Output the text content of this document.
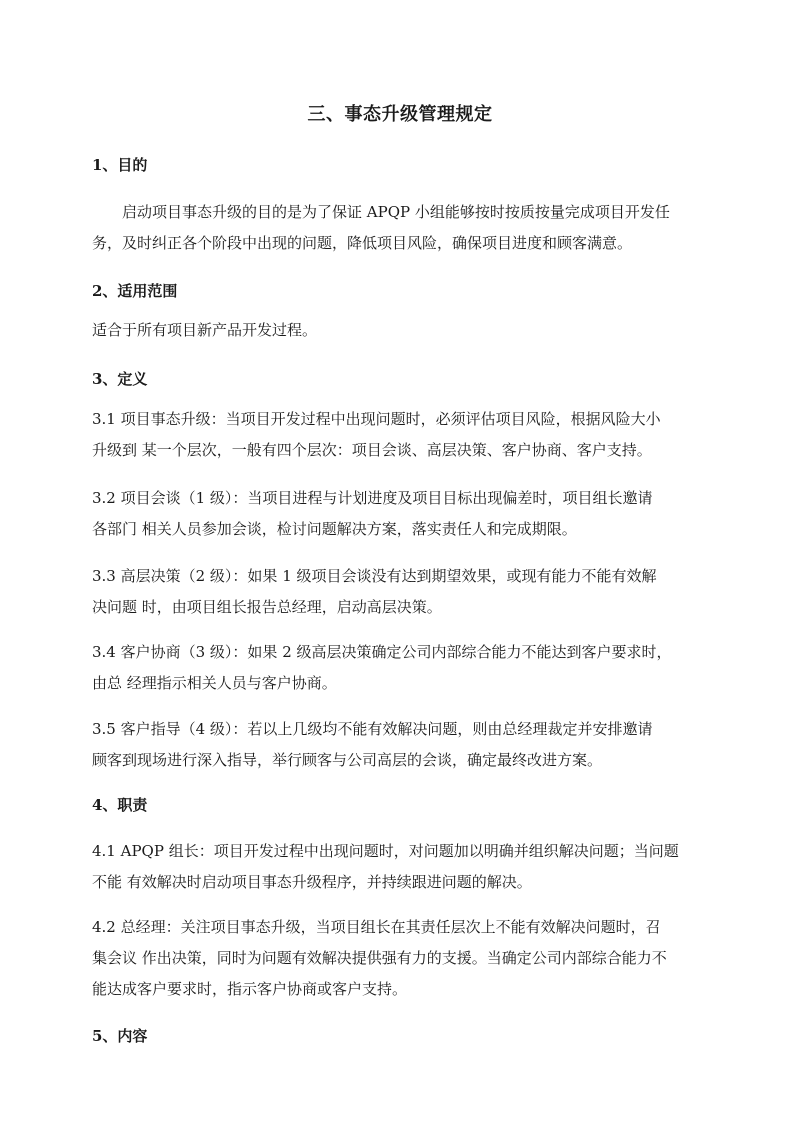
三、事态升级管理规定
1、目的
启动项目事态升级的目的是为了保证 APQP 小组能够按时按质按量完成项目开发任
务，及时纠正各个阶段中出现的问题，降低项目风险，确保项目进度和顾客满意。
2、适用范围
适合于所有项目新产品开发过程。
3、定义
3.1 项目事态升级：当项目开发过程中出现问题时，必须评估项目风险，根据风险大小
升级到 某一个层次，一般有四个层次：项目会谈、高层决策、客户协商、客户支持。
3.2 项目会谈（1 级）：当项目进程与计划进度及项目目标出现偏差时，项目组长邀请
各部门 相关人员参加会谈，检讨问题解决方案，落实责任人和完成期限。
3.3 高层决策（2 级）：如果 1 级项目会谈没有达到期望效果，或现有能力不能有效解
决问题 时，由项目组长报告总经理，启动高层决策。
3.4 客户协商（3 级）：如果 2 级高层决策确定公司内部综合能力不能达到客户要求时，
由总 经理指示相关人员与客户协商。
3.5 客户指导（4 级）：若以上几级均不能有效解决问题，则由总经理裁定并安排邀请
顾客到现场进行深入指导，举行顾客与公司高层的会谈，确定最终改进方案。
4、职责
4.1 APQP 组长：项目开发过程中出现问题时，对问题加以明确并组织解决问题；当问题
不能 有效解决时启动项目事态升级程序，并持续跟进问题的解决。
4.2 总经理：关注项目事态升级，当项目组长在其责任层次上不能有效解决问题时，召
集会议 作出决策，同时为问题有效解决提供强有力的支援。当确定公司内部综合能力不
能达成客户要求时，指示客户协商或客户支持。
5、内容
